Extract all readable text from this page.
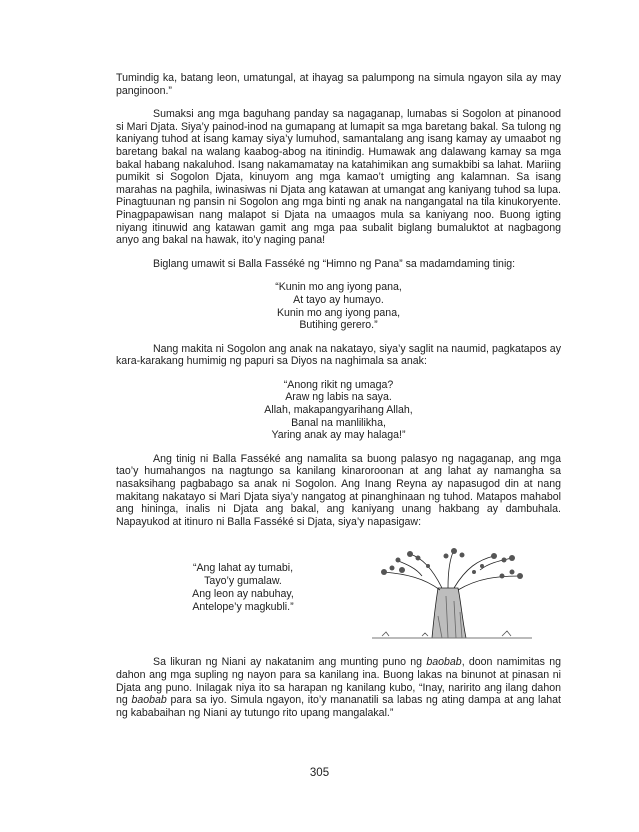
Tumindig ka, batang leon, umatungal, at ihayag sa palumpong na simula ngayon sila ay may panginoon.”

Sumaksi ang mga baguhang panday sa nagaganap, lumabas si Sogolon at pinanood si Mari Djata. Siya’y painod-inod na gumapang at lumapit sa mga baretang bakal. Sa tulong ng kaniyang tuhod at isang kamay siya’y lumuhod, samantalang ang isang kamay ay umaabot ng baretang bakal na walang kaabog-abog na itinindig. Humawak ang dalawang kamay sa mga bakal habang nakaluhod. Isang nakamamatay na katahimikan ang sumakbibi sa lahat. Mariing pumikit si Sogolon Djata, kinuyom ang mga kamao’t umigting ang kalamnan. Sa isang marahas na paghila, iwinasiwas ni Djata ang katawan at umangat ang kaniyang tuhod sa lupa. Pinagtuunan ng pansin ni Sogolon ang mga binti ng anak na nangangatal na tila kinukoryente. Pinagpapawisan nang malapot si Djata na umaagos mula sa kaniyang noo. Buong igting niyang itinuwid ang katawan gamit ang mga paa subalit biglang bumaluktot at nagbagong anyo ang bakal na hawak, ito’y naging pana!

Biglang umawit si Balla Fasséké ng “Himno ng Pana” sa madamdaming tinig:

“Kunin mo ang iyong pana,
At tayo ay humayo.
Kunin mo ang iyong pana,
Butihing gerero.”

Nang makita ni Sogolon ang anak na nakatayo, siya’y saglit na naumid, pagkatapos ay kara-karakang humimig ng papuri sa Diyos na naghimala sa anak:

“Anong rikit ng umaga?
Araw ng labis na saya.
Allah, makapangyarihang Allah,
Banal na manlilikha,
Yaring anak ay may halaga!”

Ang tinig ni Balla Fasséké ang namalita sa buong palasyo ng nagaganap, ang mga tao’y humahangos na nagtungo sa kanilang kinaroroonan at ang lahat ay namangha sa nasaksihang pagbabago sa anak ni Sogolon. Ang Inang Reyna ay napasugod din at nang makitang nakatayo si Mari Djata siya’y nangatog at pinanghinaan ng tuhod. Matapos mahabol ang hininga, inalis ni Djata ang bakal, ang kaniyang unang hakbang ay dambuhala. Napayukod at itinuro ni Balla Fasséké si Djata, siya’y napasigaw:

“Ang lahat ay tumabi,
Tayo’y gumalaw.
Ang leon ay nabuhay,
Antelope’y magkubli.”

Sa likuran ng Niani ay nakatanim ang munting puno ng baobab, doon namimitas ng dahon ang mga supling ng nayon para sa kanilang ina. Buong lakas na binunot at pinasan ni Djata ang puno. Inilagak niya ito sa harapan ng kanilang kubo, “Inay, naririto ang ilang dahon ng baobab para sa iyo. Simula ngayon, ito’y mananatili sa labas ng ating dampa at ang lahat ng kababaihan ng Niani ay tutungo rito upang mangalakal.”

305
